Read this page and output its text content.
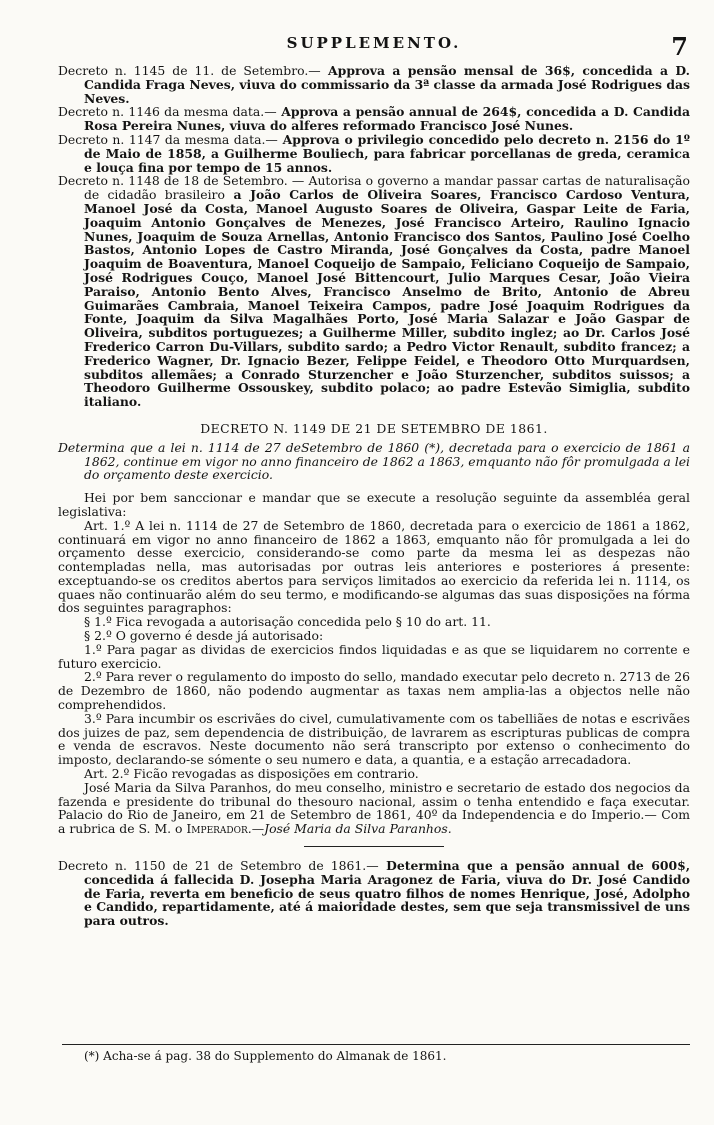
SUPPLEMENTO.	7

Decreto n. 1145 de 11. de Setembro.— Approva a pensão mensal de 36$, concedida a D. Candida Fraga Neves, viuva do commissario da 3ª classe da armada José Rodrigues das Neves.

Decreto n. 1146 da mesma data.— Approva a pensão annual de 264$, concedida a D. Candida Rosa Pereira Nunes, viuva do alferes reformado Francisco José Nunes.

Decreto n. 1147 da mesma data.— Approva o privilegio concedido pelo decreto n. 2156 do 1º de Maio de 1858, a Guilherme Bouliech, para fabricar porcellanas de greda, ceramica e louça fina por tempo de 15 annos.

Decreto n. 1148 de 18 de Setembro. — Autorisa o governo a mandar passar cartas de naturalisação de cidadão brasileiro a João Carlos de Oliveira Soares, Francisco Cardoso Ventura, Manoel José da Costa, Manoel Augusto Soares de Oliveira, Gaspar Leite de Faria, Joaquim Antonio Gonçalves de Menezes, José Francisco Arteiro, Raulino Ignacio Nunes, Joaquim de Souza Arnellas, Antonio Francisco dos Santos, Paulino José Coelho Bastos, Antonio Lopes de Castro Miranda, José Gonçalves da Costa, padre Manoel Joaquim de Boaventura, Manoel Coqueijo de Sampaio, Feliciano Coqueijo de Sampaio, José Rodrigues Couço, Manoel José Bittencourt, Julio Marques Cesar, João Vieira Paraiso, Antonio Bento Alves, Francisco Anselmo de Brito, Antonio de Abreu Guimarães Cambraia, Manoel Teixeira Campos, padre José Joaquim Rodrigues da Fonte, Joaquim da Silva Magalhães Porto, José Maria Salazar e João Gaspar de Oliveira, subditos portuguezes; a Guilherme Miller, subdito inglez; ao Dr. Carlos José Frederico Carron Du-Villars, subdito sardo; a Pedro Victor Renault, subdito francez; a Frederico Wagner, Dr. Ignacio Bezer, Felippe Feidel, e Theodoro Otto Murquardsen, subditos allemães; a Conrado Sturzencher e João Sturzencher, subditos suissos; a Theodoro Guilherme Ossouskey, subdito polaco; ao padre Estevão Simiglia, subdito italiano.

DECRETO N. 1149 DE 21 DE SETEMBRO DE 1861.

Determina que a lei n. 1114 de 27 deSetembro de 1860 (*), decretada para o exercicio de 1861 a 1862, continue em vigor no anno financeiro de 1862 a 1863, emquanto não fôr promulgada a lei do orçamento deste exercicio.

Hei por bem sanccionar e mandar que se execute a resolução seguinte da assembléa geral legislativa:

Art. 1.º A lei n. 1114 de 27 de Setembro de 1860, decretada para o exercicio de 1861 a 1862, continuará em vigor no anno financeiro de 1862 a 1863, emquanto não fôr promulgada a lei do orçamento desse exercicio, considerando-se como parte da mesma lei as despezas não contempladas nella, mas autorisadas por outras leis anteriores e posteriores á presente: exceptuando-se os creditos abertos para serviços limitados ao exercicio da referida lei n. 1114, os quaes não continuarão além do seu termo, e modificando-se algumas das suas disposições na fórma dos seguintes paragraphos:

§ 1.º Fica revogada a autorisação concedida pelo § 10 do art. 11.

§ 2.º O governo é desde já autorisado:

1.º Para pagar as dividas de exercicios findos liquidadas e as que se liquidarem no corrente e futuro exercicio.

2.º Para rever o regulamento do imposto do sello, mandado executar pelo decreto n. 2713 de 26 de Dezembro de 1860, não podendo augmentar as taxas nem amplia-las a objectos nelle não comprehendidos.

3.º Para incumbir os escrivães do civel, cumulativamente com os tabelliães de notas e escrivães dos juizes de paz, sem dependencia de distribuição, de lavrarem as escripturas publicas de compra e venda de escravos. Neste documento não será transcripto por extenso o conhecimento do imposto, declarando-se sómente o seu numero e data, a quantia, e a estação arrecadadora.

Art. 2.º Ficão revogadas as disposições em contrario.

José Maria da Silva Paranhos, do meu conselho, ministro e secretario de estado dos negocios da fazenda e presidente do tribunal do thesouro nacional, assim o tenha entendido e faça executar. Palacio do Rio de Janeiro, em 21 de Setembro de 1861, 40º da Independencia e do Imperio.— Com a rubrica de S. M. o Imperador.—José Maria da Silva Paranhos.

Decreto n. 1150 de 21 de Setembro de 1861.— Determina que a pensão annual de 600$, concedida á fallecida D. Josepha Maria Aragonez de Faria, viuva do Dr. José Candido de Faria, reverta em beneficio de seus quatro filhos de nomes Henrique, José, Adolpho e Candido, repartidamente, até á maioridade destes, sem que seja transmissivel de uns para outros.

(*) Acha-se á pag. 38 do Supplemento do Almanak de 1861.
